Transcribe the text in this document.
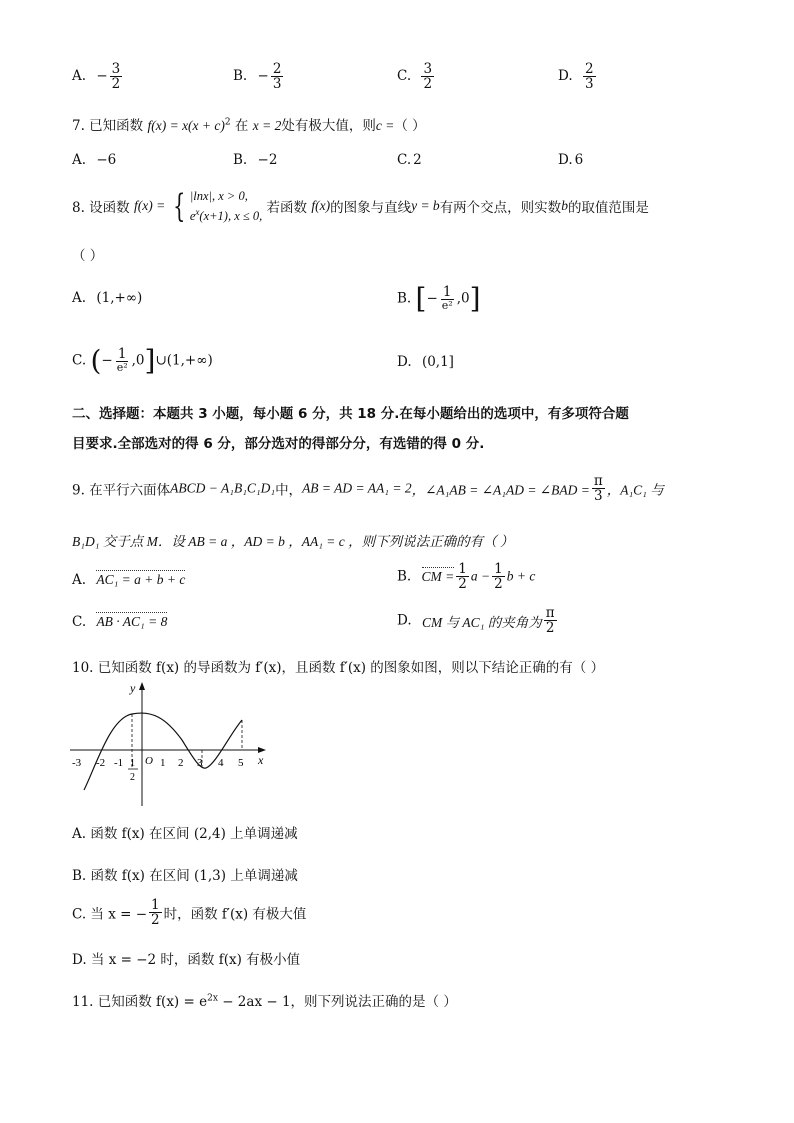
A. − $\frac{3}{2}$	B. − $\frac{2}{3}$	C. $\frac{3}{2}$	D. $\frac{2}{3}$
7. 已知函数 $f(x) = x(x + c)^2$ 在 x = 2处有极大值，则c =（ ）
A. −6	B. −2	C. 2	D. 6
8. 设函数 f(x) = { |lnx|, x > 0,
$e^x(x+1)$, x ≤ 0,
若函数 f(x)的图象与直线y = b有两个交点，则实数b的取值范围是
（ ）
A. (1,+∞)	B. [− $\frac{1}{\text{e²}} ,0$]
C. (− $\frac{1}{\text{e²}}$ ,0]∪(1,+∞)	D. (0,1]
二、选择题：本题共 3 小题，每小题 6 分，共 18 分.在每小题给出的选项中，有多项符合题
目要求.全部选对的得 6 分，部分选对的得部分分，有选错的得 0 分.
9. 在平行六面体ABCD − A₁B₁C₁D₁中，AB = AD = AA₁ = 2，∠A₁AB = ∠A₁AD = ∠BAD = $\frac{\pi}{3}$ ，A₁C₁ 与
B₁D₁ 交于点 M．设 AB = a ，AD = b ，AA₁ = c ，则下列说法正确的有（ ）
A. AC₁ = a + b + c	B. CM = $\frac{1}{2}$ $a - \frac{1}{2}$ b + c
C. AB · AC₁ = 8	D. CM 与 AC₁ 的夹角为 $\frac{\pi}{2}$
10. 已知函数 f(x) 的导函数为 f′(x)，且函数 f′(x) 的图象如图，则以下结论正确的有（ ）
y
x
-3 -2 -1 O 1 2 3 4 5
1
2
A. 函数 f(x) 在区间 (2,4) 上单调递减
B. 函数 f(x) 在区间 (1,3) 上单调递减
C. 当 x = − $\frac{1}{2}$ 时，函数 f′(x) 有极大值
D. 当 x = −2 时，函数 f(x) 有极小值
11. 已知函数 $f(x) = e^{2x} - 2ax - 1$，则下列说法正确的是（ ）
